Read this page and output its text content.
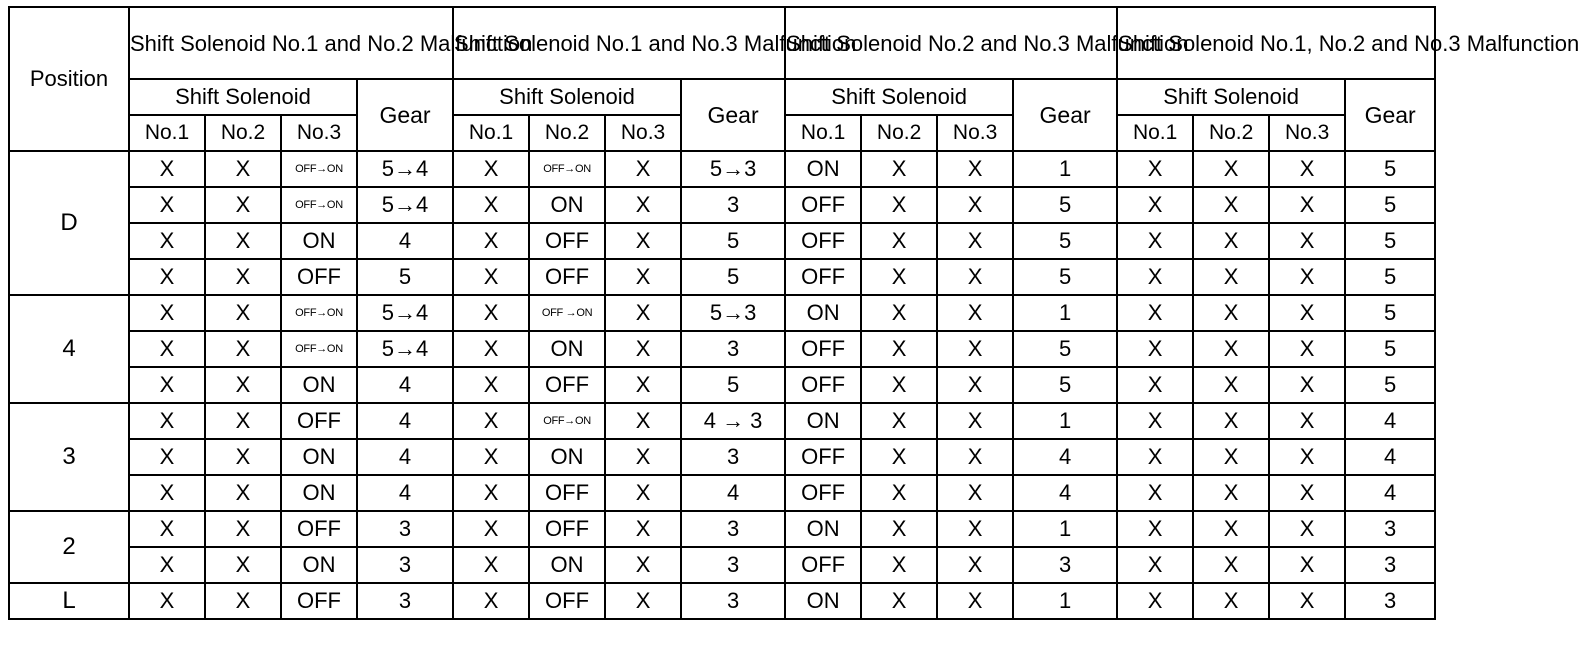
Position	Shift Solenoid No.1 and No.2 Malfunction				Shift Solenoid No.1 and No.3 Malfunction				Shift Solenoid No.2 and No.3 Malfunction				Shift Solenoid No.1, No.2 and No.3 Malfunction			
	Shift Solenoid			Gear	Shift Solenoid			Gear	Shift Solenoid			Gear	Shift Solenoid			Gear
	No.1	No.2	No.3		No.1	No.2	No.3		No.1	No.2	No.3		No.1	No.2	No.3	
D	X	X	OFF→ON	5→4	X	OFF→ON	X	5→3	ON	X	X	1	X	X	X	5
	X	X	OFF→ON	5→4	X	ON	X	3	OFF	X	X	5	X	X	X	5
	X	X	ON	4	X	OFF	X	5	OFF	X	X	5	X	X	X	5
	X	X	OFF	5	X	OFF	X	5	OFF	X	X	5	X	X	X	5
4	X	X	OFF→ON	5→4	X	OFF →ON	X	5→3	ON	X	X	1	X	X	X	5
	X	X	OFF→ON	5→4	X	ON	X	3	OFF	X	X	5	X	X	X	5
	X	X	ON	4	X	OFF	X	5	OFF	X	X	5	X	X	X	5
3	X	X	OFF	4	X	OFF→ON	X	4 → 3	ON	X	X	1	X	X	X	4
	X	X	ON	4	X	ON	X	3	OFF	X	X	4	X	X	X	4
	X	X	ON	4	X	OFF	X	4	OFF	X	X	4	X	X	X	4
2	X	X	OFF	3	X	OFF	X	3	ON	X	X	1	X	X	X	3
	X	X	ON	3	X	ON	X	3	OFF	X	X	3	X	X	X	3
L	X	X	OFF	3	X	OFF	X	3	ON	X	X	1	X	X	X	3
